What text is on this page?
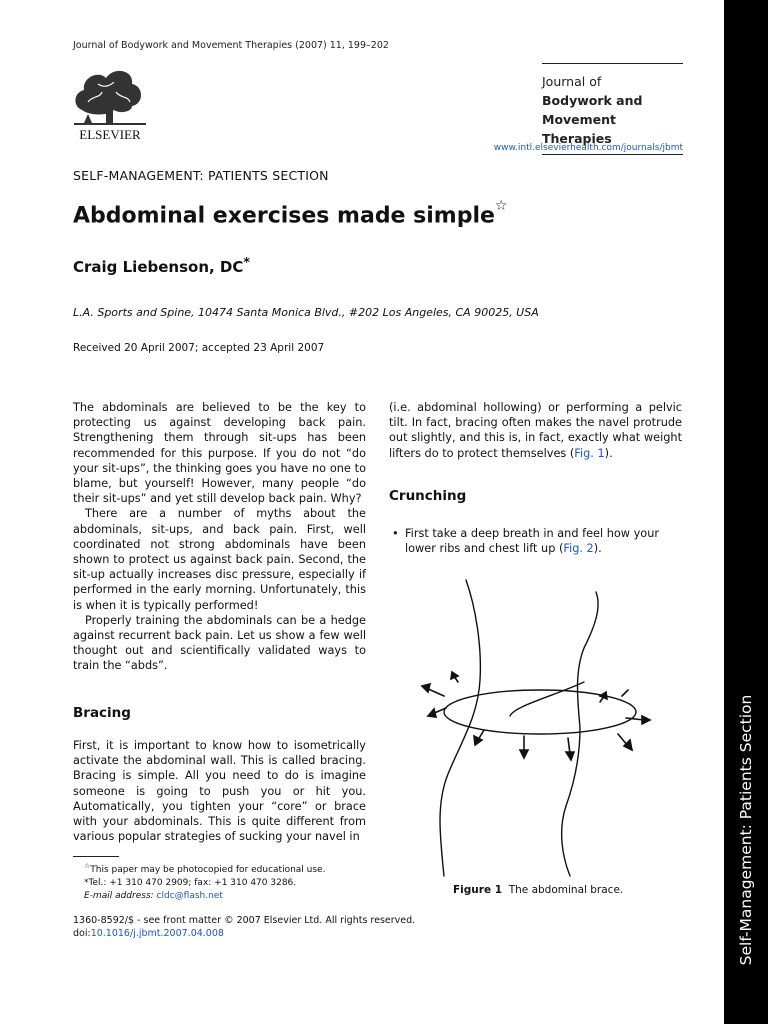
Journal of Bodywork and Movement Therapies (2007) 11, 199–202
ELSEVIER
Journal of
Bodywork and
Movement Therapies
www.intl.elsevierhealth.com/journals/jbmt
SELF-MANAGEMENT: PATIENTS SECTION
Abdominal exercises made simple☆
Craig Liebenson, DC*
L.A. Sports and Spine, 10474 Santa Monica Blvd., #202 Los Angeles, CA 90025, USA
Received 20 April 2007; accepted 23 April 2007

The abdominals are believed to be the key to protecting us against developing back pain. Strengthening them through sit-ups has been recommended for this purpose. If you do not “do your sit-ups”, the thinking goes you have no one to blame, but yourself! However, many people “do their sit-ups” and yet still develop back pain. Why?

There are a number of myths about the abdominals, sit-ups, and back pain. First, well coordinated not strong abdominals have been shown to protect us against back pain. Second, the sit-up actually increases disc pressure, especially if performed in the early morning. Unfortunately, this is when it is typically performed!

Properly training the abdominals can be a hedge against recurrent back pain. Let us show a few well thought out and scientifically validated ways to train the “abds”.

Bracing

First, it is important to know how to isometrically activate the abdominal wall. This is called bracing. Bracing is simple. All you need to do is imagine someone is going to push you or hit you. Automatically, you tighten your “core” or brace with your abdominals. This is quite different from various popular strategies of sucking your navel in

(i.e. abdominal hollowing) or performing a pelvic tilt. In fact, bracing often makes the navel protrude out slightly, and this is, in fact, exactly what weight lifters do to protect themselves (Fig. 1).

Crunching
• First take a deep breath in and feel how your lower ribs and chest lift up (Fig. 2).
Figure 1 The abdominal brace.
☆This paper may be photocopied for educational use.
*Tel.: +1 310 470 2909; fax: +1 310 470 3286.
E-mail address: cldc@flash.net
1360-8592/$ - see front matter © 2007 Elsevier Ltd. All rights reserved.
doi:10.1016/j.jbmt.2007.04.008	Self-Management: Patients Section
